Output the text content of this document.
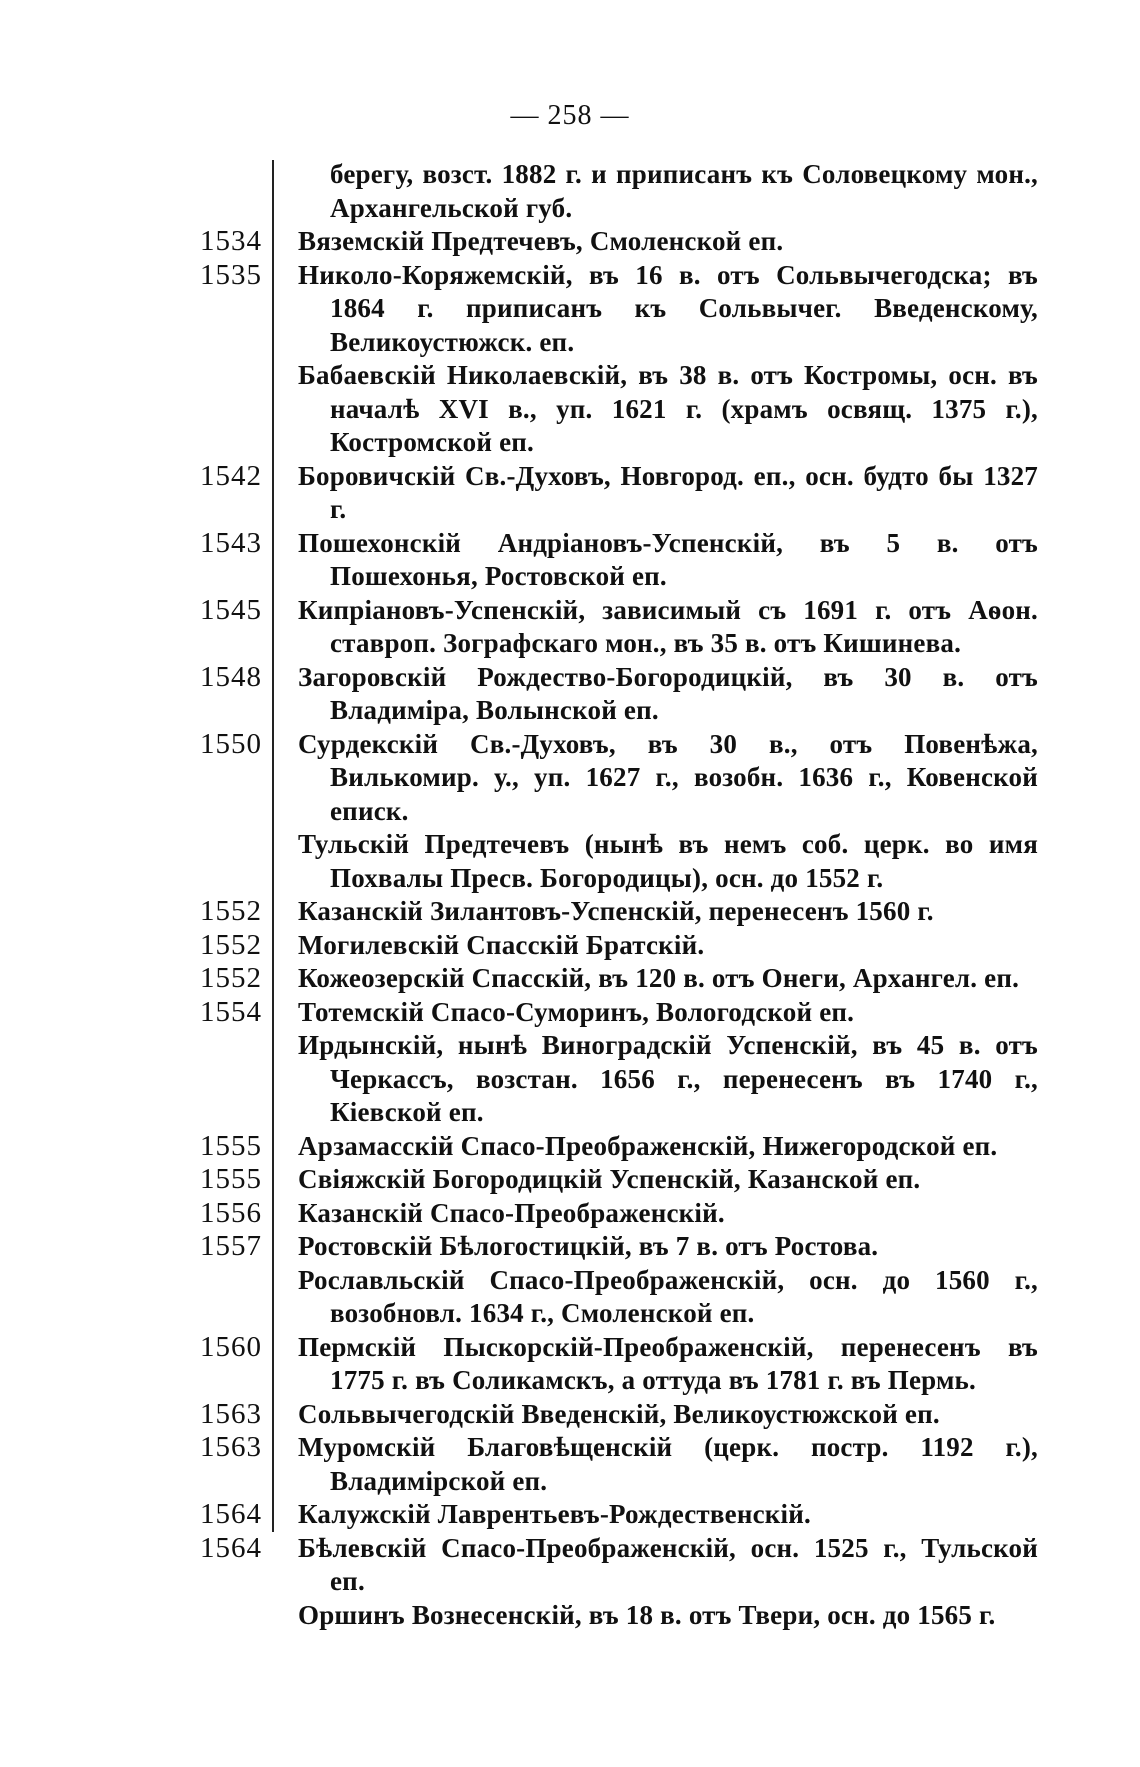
— 258 —
берегу, возст. 1882 г. и приписанъ къ Соловецкому мон., Архангельской губ.
1534 Вяземскій Предтечевъ, Смоленской еп.
1535 Николо-Коряжемскій, въ 16 в. отъ Сольвычегодска; въ 1864 г. приписанъ къ Сольвычег. Введенскому, Великоустюжск. еп.
Бабаевскій Николаевскій, въ 38 в. отъ Костромы, осн. въ началѣ XVI в., уп. 1621 г. (храмъ освящ. 1375 г.), Костромской еп.
1542 Боровичскій Св.-Духовъ, Новгород. еп., осн. будто бы 1327 г.
1543 Пошехонскій Андріановъ-Успенскій, въ 5 в. отъ Пошехонья, Ростовской еп.
1545 Кипріановъ-Успенскій, зависимый съ 1691 г. отъ Аѳон. ставроп. Зографскаго мон., въ 35 в. отъ Кишинева.
1548 Загоровскій Рождество-Богородицкій, въ 30 в. отъ Владиміра, Волынской еп.
1550 Сурдекскій Св.-Духовъ, въ 30 в., отъ Повенѣжа, Вилькомир. у., уп. 1627 г., возобн. 1636 г., Ковенской еписк.
Тульскій Предтечевъ (нынѣ въ немъ соб. церк. во имя Похвалы Пресв. Богородицы), осн. до 1552 г.
1552 Казанскій Зилантовъ-Успенскій, перенесенъ 1560 г.
1552 Могилевскій Спасскій Братскій.
1552 Кожеозерскій Спасскій, въ 120 в. отъ Онеги, Архангел. еп.
1554 Тотемскій Спасо-Суморинъ, Вологодской еп.
Ирдынскій, нынѣ Виноградскій Успенскій, въ 45 в. отъ Черкассъ, возстан. 1656 г., перенесенъ въ 1740 г., Кіевской еп.
1555 Арзамасскій Спасо-Преображенскій, Нижегородской еп.
1555 Свіяжскій Богородицкій Успенскій, Казанской еп.
1556 Казанскій Спасо-Преображенскій.
1557 Ростовскій Бѣлогостицкій, въ 7 в. отъ Ростова.
Рославльскій Спасо-Преображенскій, осн. до 1560 г., возобновл. 1634 г., Смоленской еп.
1560 Пермскій Пыскорскій-Преображенскій, перенесенъ въ 1775 г. въ Соликамскъ, а оттуда въ 1781 г. въ Пермь.
1563 Сольвычегодскій Введенскій, Великоустюжской еп.
1563 Муромскій Благовѣщенскій (церк. постр. 1192 г.), Владимірской еп.
1564 Калужскій Лаврентьевъ-Рождественскій.
1564 Бѣлевскій Спасо-Преображенскій, осн. 1525 г., Тульской еп.
Оршинъ Вознесенскій, въ 18 в. отъ Твери, осн. до 1565 г.
